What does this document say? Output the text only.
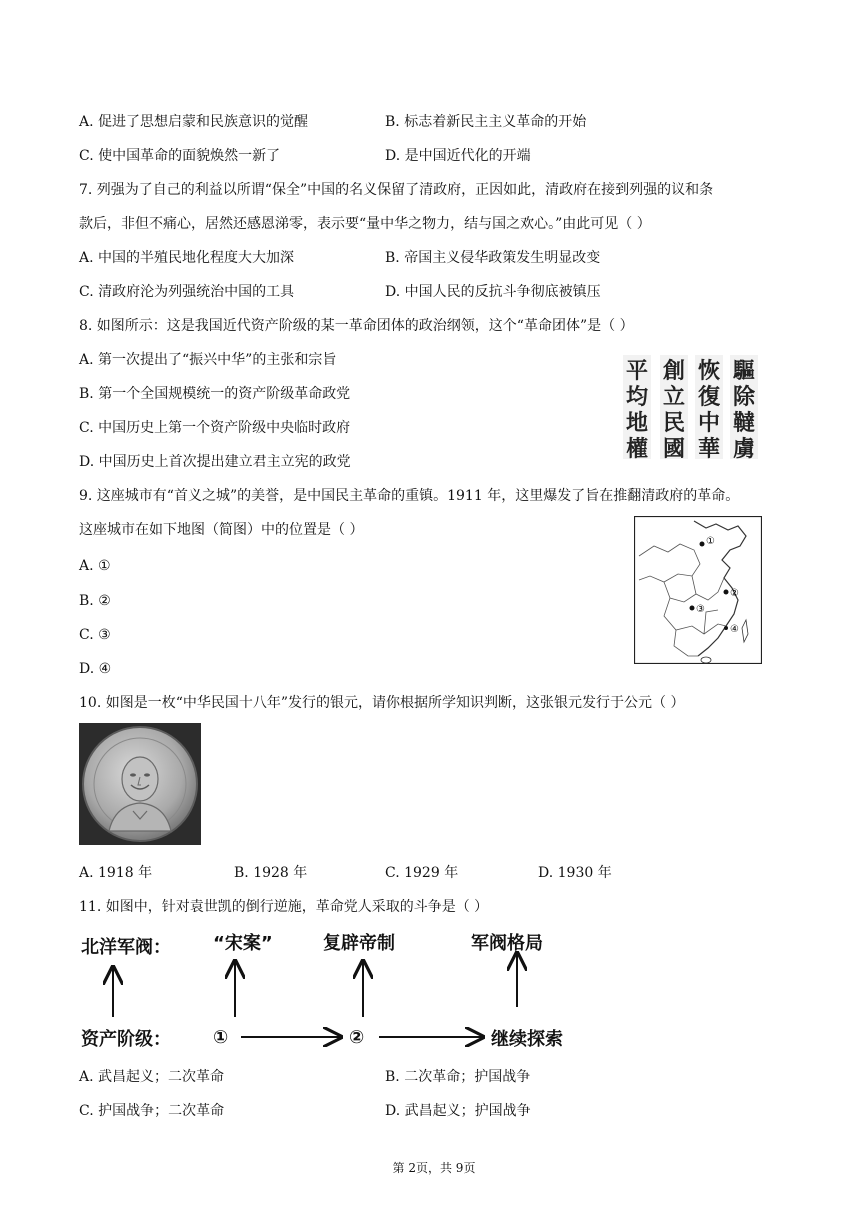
A. 促进了思想启蒙和民族意识的觉醒	B. 标志着新民主主义革命的开始
C. 使中国革命的面貌焕然一新了	D. 是中国近代化的开端
7. 列强为了自己的利益以所谓“保全”中国的名义保留了清政府，正因如此，清政府在接到列强的议和条
款后，非但不痛心，居然还感恩涕零，表示要“量中华之物力，结与国之欢心。”由此可见（ ）
A. 中国的半殖民地化程度大大加深	B. 帝国主义侵华政策发生明显改变
C. 清政府沦为列强统治中国的工具	D. 中国人民的反抗斗争彻底被镇压
8. 如图所示：这是我国近代资产阶级的某一革命团体的政治纲领，这个“革命团体”是（ ）
A. 第一次提出了“振兴中华”的主张和宗旨
B. 第一个全国规模统一的资产阶级革命政党
C. 中国历史上第一个资产阶级中央临时政府
D. 中国历史上首次提出建立君主立宪的政党
驅除韃虜
恢復中華
創立民國
平均地權
9. 这座城市有“首义之城”的美誉，是中国民主革命的重镇。1911 年，这里爆发了旨在推翻清政府的革命。
这座城市在如下地图（简图）中的位置是（ ）
A. ①
B. ②
C. ③
D. ④
①
②
③
④
10. 如图是一枚“中华民国十八年”发行的银元，请你根据所学知识判断，这张银元发行于公元（ ）
A. 1918 年	B. 1928 年	C. 1929 年	D. 1930 年
11. 如图中，针对袁世凯的倒行逆施，革命党人采取的斗争是（ ）
北洋军阀： “宋案”	复辟帝制	军阀格局
资产阶级： ①	②	继续探索
A. 武昌起义；二次革命	B. 二次革命；护国战争
C. 护国战争；二次革命	D. 武昌起义；护国战争
第 2页，共 9页
